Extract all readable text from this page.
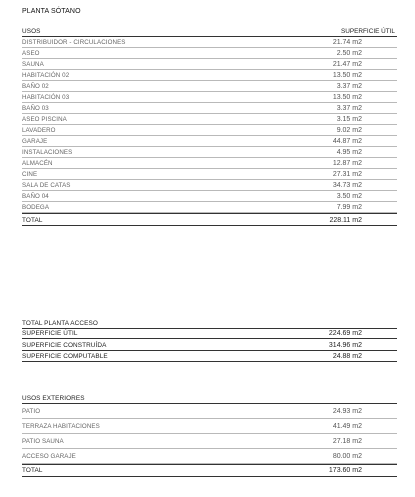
PLANTA SÓTANO
USOS	SUPERFICIE ÚTIL
DISTRIBUIDOR - CIRCULACIONES	21.74 m2
ASEO	2.50 m2
SAUNA	21.47 m2
HABITACIÓN 02	13.50 m2
BAÑO 02	3.37 m2
HABITACIÓN 03	13.50 m2
BAÑO 03	3.37 m2
ASEO PISCINA	3.15 m2
LAVADERO	9.02 m2
GARAJE	44.87 m2
INSTALACIONES	4.95 m2
ALMACÉN	12.87 m2
CINE	27.31 m2
SALA DE CATAS	34.73 m2
BAÑO 04	3.50 m2
BODEGA	7.99 m2
TOTAL	228.11 m2
TOTAL PLANTA ACCESO
SUPERFICIE ÚTIL	224.69 m2
SUPERFICIE CONSTRUÍDA	314.96 m2
SUPERFICIE COMPUTABLE	24.88 m2
USOS EXTERIORES
PATIO	24.93 m2
TERRAZA HABITACIONES	41.49 m2
PATIO SAUNA	27.18 m2
ACCESO GARAJE	80.00 m2
TOTAL	173.60 m2
